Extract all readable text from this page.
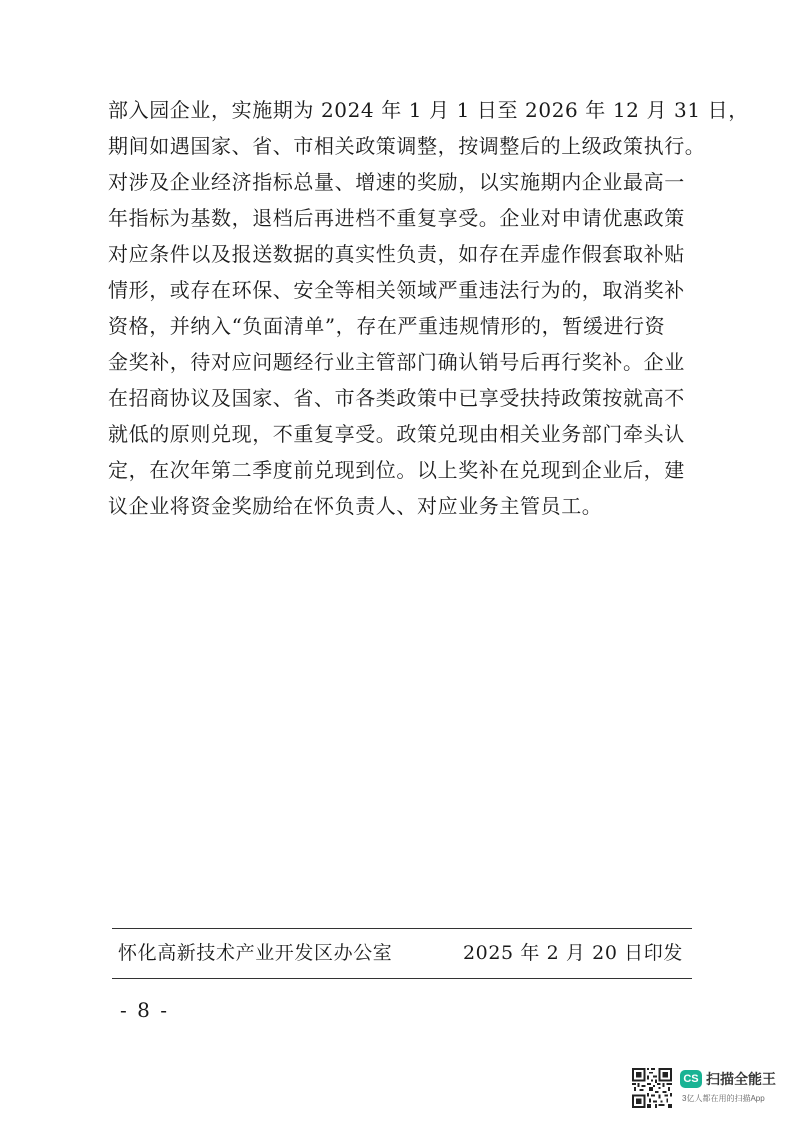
部入园企业，实施期为 2024 年 1 月 1 日至 2026 年 12 月 31 日，
期间如遇国家、省、市相关政策调整，按调整后的上级政策执行。
对涉及企业经济指标总量、增速的奖励，以实施期内企业最高一
年指标为基数，退档后再进档不重复享受。企业对申请优惠政策
对应条件以及报送数据的真实性负责，如存在弄虚作假套取补贴
情形，或存在环保、安全等相关领域严重违法行为的，取消奖补
资格，并纳入“负面清单”，存在严重违规情形的，暂缓进行资
金奖补，待对应问题经行业主管部门确认销号后再行奖补。企业
在招商协议及国家、省、市各类政策中已享受扶持政策按就高不
就低的原则兑现，不重复享受。政策兑现由相关业务部门牵头认
定，在次年第二季度前兑现到位。以上奖补在兑现到企业后，建
议企业将资金奖励给在怀负责人、对应业务主管员工。
怀化高新技术产业开发区办公室	2025 年 2 月 20 日印发
- 8 -
CS 扫描全能王
3亿人都在用的扫描App
